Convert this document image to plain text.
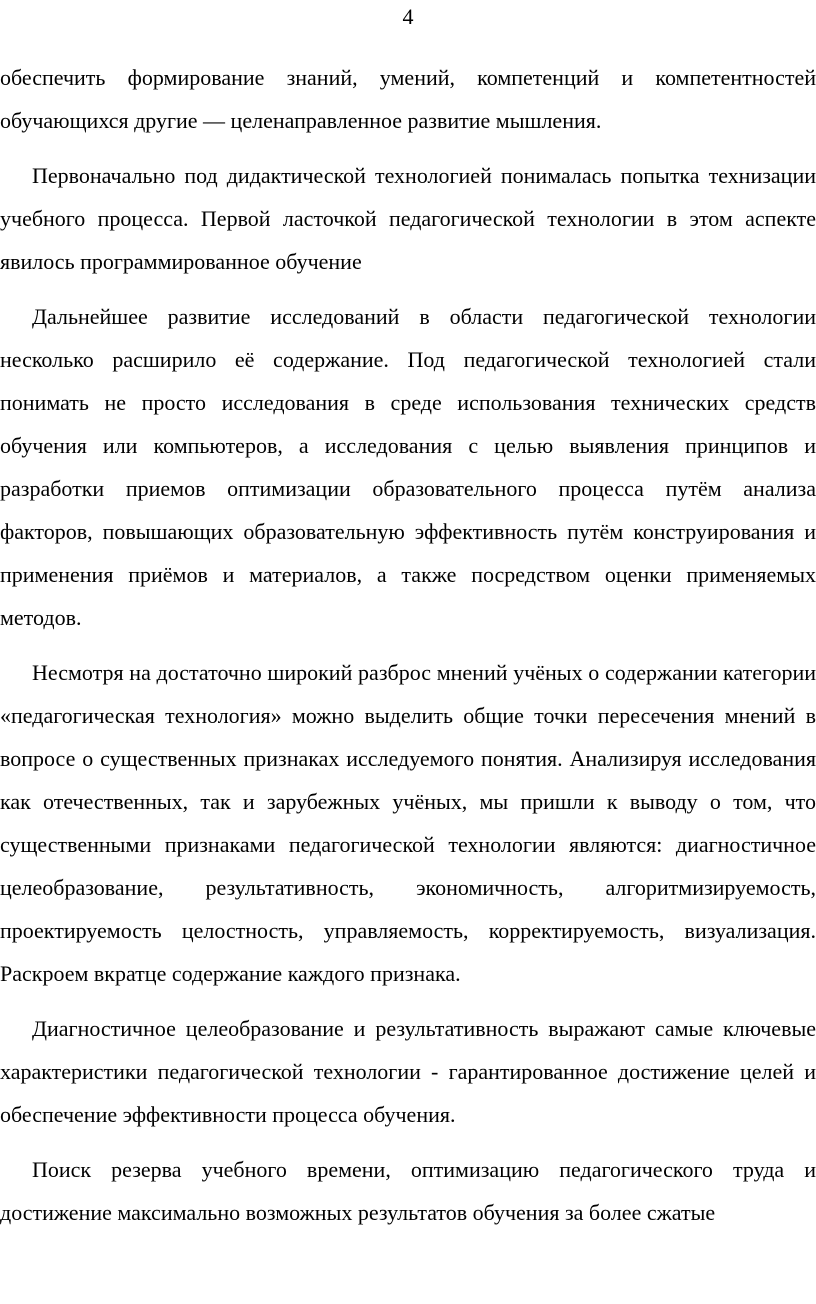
4

обеспечить формирование знаний, умений, компетенций и компетентностей обучающихся другие — целенаправленное развитие мышления.

Первоначально под дидактической технологией понималась попытка технизации учебного процесса. Первой ласточкой педагогической технологии в этом аспекте явилось программированное обучение

Дальнейшее развитие исследований в области педагогической технологии несколько расширило её содержание. Под педагогической технологией стали понимать не просто исследования в среде использования технических средств обучения или компьютеров, а исследования с целью выявления принципов и разработки приемов оптимизации образовательного процесса путём анализа факторов, повышающих образовательную эффективность путём конструирования и применения приёмов и материалов, а также посредством оценки применяемых методов.

Несмотря на достаточно широкий разброс мнений учёных о содержании категории «педагогическая технология» можно выделить общие точки пересечения мнений в вопросе о существенных признаках исследуемого понятия. Анализируя исследования как отечественных, так и зарубежных учёных, мы пришли к выводу о том, что существенными признаками педагогической технологии являются: диагностичное целеобразование, результативность, экономичность, алгоритмизируемость, проектируемость целостность, управляемость, корректируемость, визуализация. Раскроем вкратце содержание каждого признака.

Диагностичное целеобразование и результативность выражают самые ключевые характеристики педагогической технологии - гарантированное достижение целей и обеспечение эффективности процесса обучения.

Поиск резерва учебного времени, оптимизацию педагогического труда и достижение максимально возможных результатов обучения за более сжатые
